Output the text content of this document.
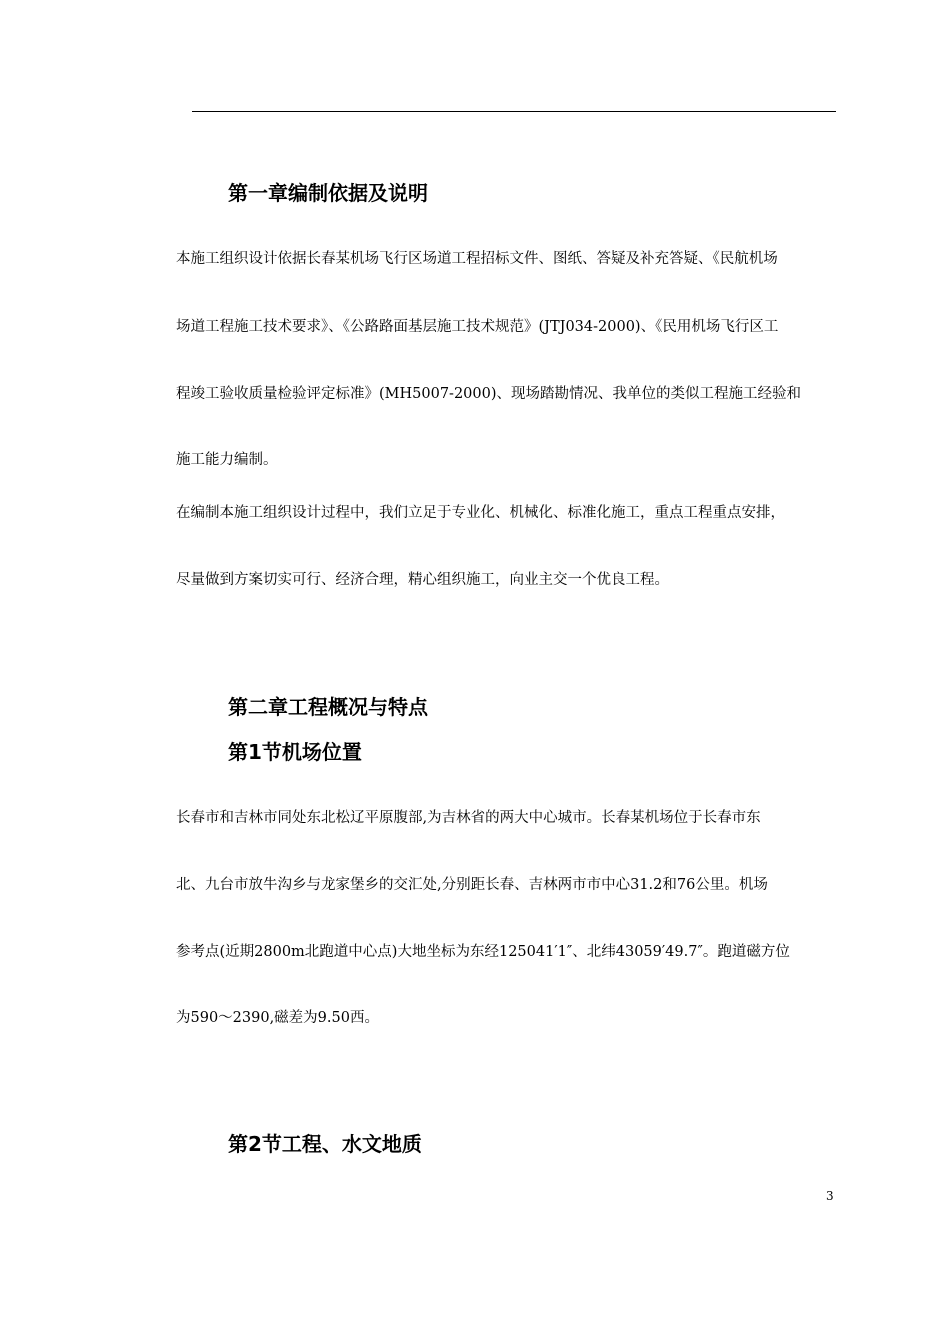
第一章编制依据及说明
本施工组织设计依据长春某机场飞行区场道工程招标文件、图纸、答疑及补充答疑、《民航机场
场道工程施工技术要求》、《公路路面基层施工技术规范》(JTJ034-2000)、《民用机场飞行区工
程竣工验收质量检验评定标准》(MH5007-2000)、现场踏勘情况、我单位的类似工程施工经验和
施工能力编制。
在编制本施工组织设计过程中，我们立足于专业化、机械化、标准化施工，重点工程重点安排，
尽量做到方案切实可行、经济合理，精心组织施工，向业主交一个优良工程。
第二章工程概况与特点
第1节机场位置
长春市和吉林市同处东北松辽平原腹部,为吉林省的两大中心城市。长春某机场位于长春市东
北、九台市放牛沟乡与龙家堡乡的交汇处,分别距长春、吉林两市市中心31.2和76公里。机场
参考点(近期2800m北跑道中心点)大地坐标为东经125041′1″、北纬43059′49.7″。跑道磁方位
为590～2390,磁差为9.50西。
第2节工程、水文地质
3
